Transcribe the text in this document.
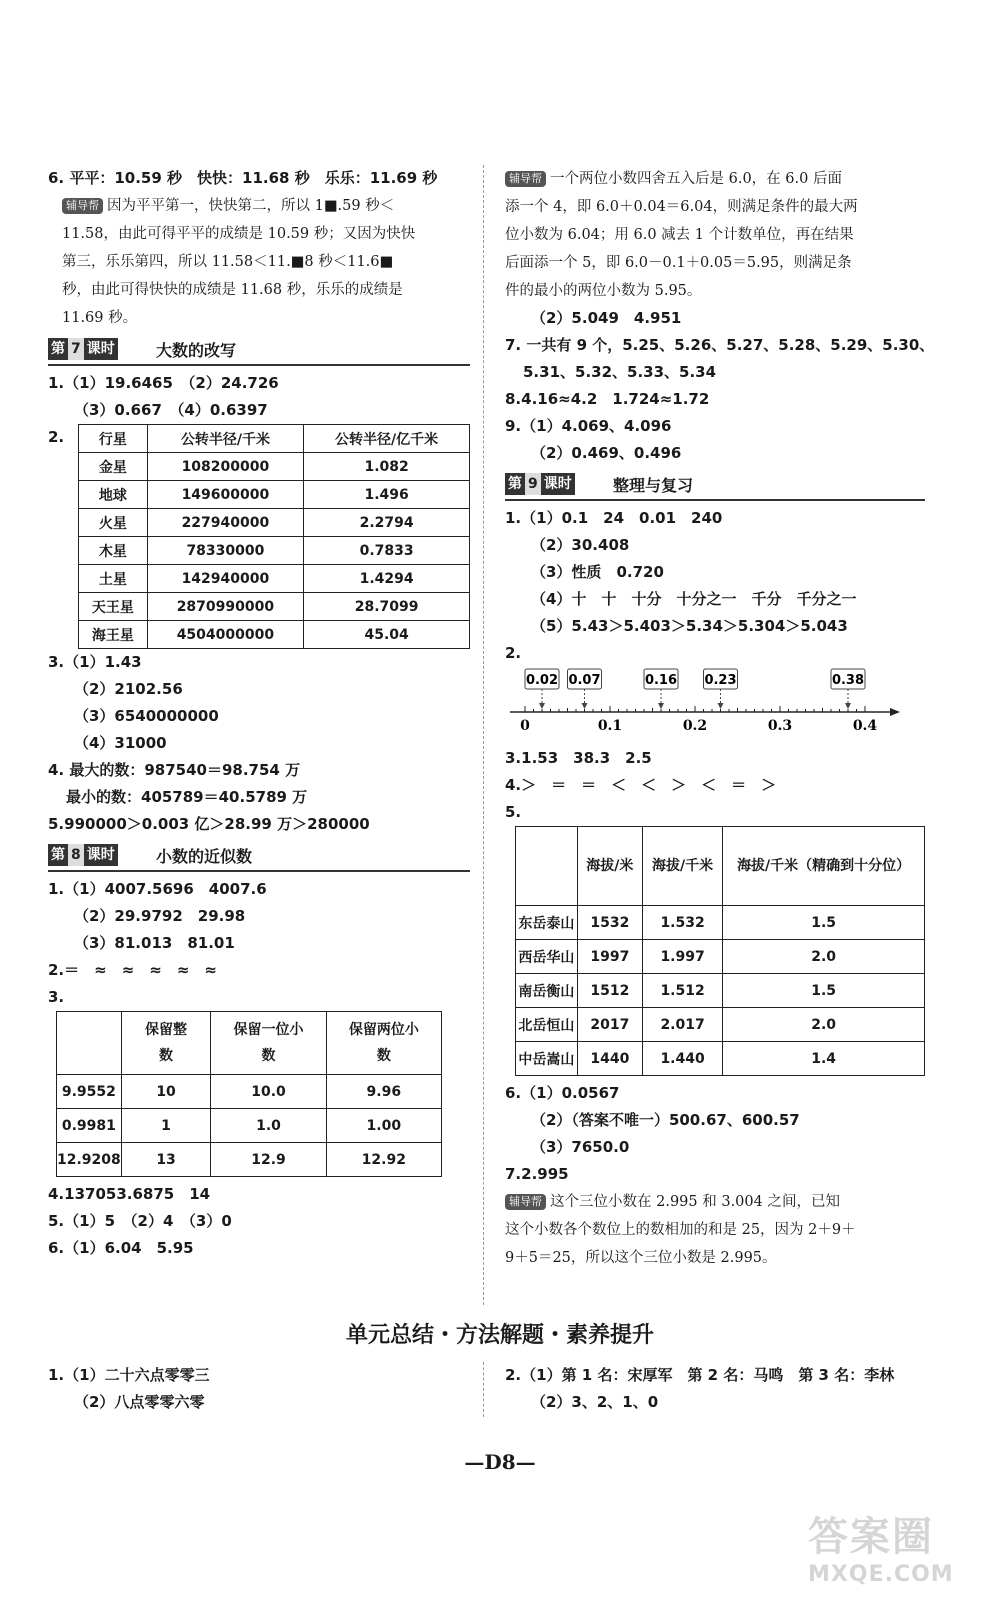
6. 平平：10.59 秒　快快：11.68 秒　乐乐：11.69 秒
辅导帮 因为平平第一，快快第二，所以 1■.59 秒＜
11.58，由此可得平平的成绩是 10.59 秒；又因为快快
第三，乐乐第四，所以 11.58＜11.■8 秒＜11.6■
秒，由此可得快快的成绩是 11.68 秒，乐乐的成绩是
11.69 秒。
第 7 课时	大数的改写
1.（1）19.6465　（2）24.726
（3）0.667　（4）0.6397
2. 行星	公转半径/千米	公转半径/亿千米
金星	108200000	1.082
地球	149600000	1.496
火星	227940000	2.2794
木星	78330000	0.7833
土星	142940000	1.4294
天王星	2870990000	28.7099
海王星	4504000000	45.04
3.（1）1.43
（2）2102.56
（3）6540000000
（4）31000
4. 最大的数：987540＝98.754 万
最小的数：405789＝40.5789 万
5.990000＞0.003 亿＞28.99 万＞280000
第 8 课时	小数的近似数
1.（1）4007.5696　4007.6
（2）29.9792　29.98
（3）81.013　81.01
2.＝　≈　≈　≈　≈　≈
3.
	保留整数	保留一位小数	保留两位小数
9.9552	10	10.0	9.96
0.9981	1	1.0	1.00
12.9208	13	12.9	12.92
4.137053.6875　14
5.（1）5　（2）4　（3）0
6.（1）6.04　5.95
辅导帮 一个两位小数四舍五入后是 6.0，在 6.0 后面
添一个 4，即 6.0＋0.04＝6.04，则满足条件的最大两
位小数为 6.04；用 6.0 减去 1 个计数单位，再在结果
后面添一个 5，即 6.0－0.1＋0.05＝5.95，则满足条
件的最小的两位小数为 5.95。
（2）5.049　4.951
7. 一共有 9 个，5.25、5.26、5.27、5.28、5.29、5.30、
5.31、5.32、5.33、5.34
8.4.16≈4.2　1.724≈1.72
9.（1）4.069、4.096
（2）0.469、0.496
第 9 课时	整理与复习
1.（1）0.1　24　0.01　240
（2）30.408
（3）性质　0.720
（4）十　十　十分　十分之一　千分　千分之一
（5）5.43＞5.403＞5.34＞5.304＞5.043
2.
0	0.1	0.2	0.3	0.4
0.02 0.07	0.16 0.23	0.38
3.1.53　38.3　2.5
4.＞　＝　＝　＜　＜　＞　＜　＝　＞
5.
	海拔/米	海拔/千米	海拔/千米（精确到十分位）
东岳泰山	1532	1.532	1.5
西岳华山	1997	1.997	2.0
南岳衡山	1512	1.512	1.5
北岳恒山	2017	2.017	2.0
中岳嵩山	1440	1.440	1.4
6.（1）0.0567
（2）（答案不唯一）500.67、600.57
（3）7650.0
7.2.995
辅导帮 这个三位小数在 2.995 和 3.004 之间，已知
这个小数各个数位上的数相加的和是 25，因为 2＋9＋
9＋5＝25，所以这个三位小数是 2.995。
单元总结・方法解题・素养提升
1.（1）二十六点零零三
（2）八点零零六零
2.（1）第 1 名：宋厚军　第 2 名：马鸣　第 3 名：李林
（2）3、2、1、0
—D8—
答案圈
MXQE.COM
